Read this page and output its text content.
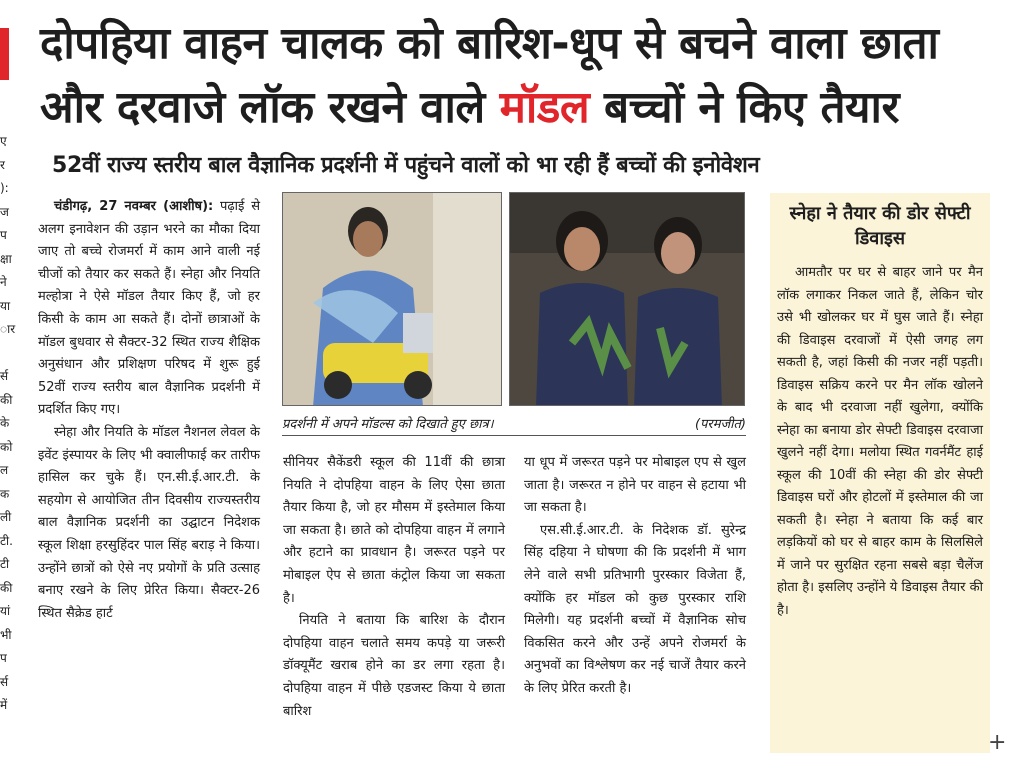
ए
र
):
ज
प
क्षा
ने
या
ार

र्स
की
के
को
ल
क
ली
टी.
टी
की
यां
भी
प
र्स
में
दोपहिया वाहन चालक को बारिश-धूप से बचने वाला छाता
और दरवाजे लॉक रखने वाले मॉडल बच्चों ने किए तैयार
52वीं राज्य स्तरीय बाल वैज्ञानिक प्रदर्शनी में पहुंचने वालों को भा रही हैं बच्चों की इनोवेशन

चंडीगढ़, 27 नवम्बर (आशीष): पढ़ाई से अलग इनावेशन की उड़ान भरने का मौका दिया जाए तो बच्चे रोजमर्रा में काम आने वाली नई चीजों को तैयार कर सकते हैं। स्नेहा और नियति मल्होत्रा ने ऐसे मॉडल तैयार किए हैं, जो हर किसी के काम आ सकते हैं। दोनों छात्राओं के मॉडल बुधवार से सैक्टर-32 स्थित राज्य शैक्षिक अनुसंधान और प्रशिक्षण परिषद में शुरू हुई 52वीं राज्य स्तरीय बाल वैज्ञानिक प्रदर्शनी में प्रदर्शित किए गए।

स्नेहा और नियति के मॉडल नैशनल लेवल के इवेंट इंस्पायर के लिए भी क्वालीफाई कर तारीफ हासिल कर चुके हैं। एन.सी.ई.आर.टी. के सहयोग से आयोजित तीन दिवसीय राज्यस्तरीय बाल वैज्ञानिक प्रदर्शनी का उद्घाटन निदेशक स्कूल शिक्षा हरसुहिंदर पाल सिंह बराड़ ने किया। उन्होंने छात्रों को ऐसे नए प्रयोगों के प्रति उत्साह बनाए रखने के लिए प्रेरित किया। सैक्टर-26 स्थित सैक्रेड हार्ट

प्रदर्शनी में अपने मॉडल्स को दिखाते हुए छात्र।	(परमजीत)

सीनियर सैकेंडरी स्कूल की 11वीं की छात्रा नियति ने दोपहिया वाहन के लिए ऐसा छाता तैयार किया है, जो हर मौसम में इस्तेमाल किया जा सकता है। छाते को दोपहिया वाहन में लगाने और हटाने का प्रावधान है। जरूरत पड़ने पर मोबाइल ऐप से छाता कंट्रोल किया जा सकता है।

नियति ने बताया कि बारिश के दौरान दोपहिया वाहन चलाते समय कपड़े या जरूरी डॉक्यूमैंट खराब होने का डर लगा रहता है। दोपहिया वाहन में पीछे एडजस्ट किया ये छाता बारिश

या धूप में जरूरत पड़ने पर मोबाइल एप से खुल जाता है। जरूरत न होने पर वाहन से हटाया भी जा सकता है।

एस.सी.ई.आर.टी. के निदेशक डॉ. सुरेन्द्र सिंह दहिया ने घोषणा की कि प्रदर्शनी में भाग लेने वाले सभी प्रतिभागी पुरस्कार विजेता हैं, क्योंकि हर मॉडल को कुछ पुरस्कार राशि मिलेगी। यह प्रदर्शनी बच्चों में वैज्ञानिक सोच विकसित करने और उन्हें अपने रोजमर्रा के अनुभवों का विश्लेषण कर नई चाजें तैयार करने के लिए प्रेरित करती है।

स्नेहा ने तैयार की डोर सेफ्टी डिवाइस
आमतौर पर घर से बाहर जाने पर मैन लॉक लगाकर निकल जाते हैं, लेकिन चोर उसे भी खोलकर घर में घुस जाते हैं। स्नेहा की डिवाइस दरवाजों में ऐसी जगह लग सकती है, जहां किसी की नजर नहीं पड़ती। डिवाइस सक्रिय करने पर मैन लॉक खोलने के बाद भी दरवाजा नहीं खुलेगा, क्योंकि स्नेहा का बनाया डोर सेफ्टी डिवाइस दरवाजा खुलने नहीं देगा। मलोया स्थित गवर्नमैंट हाई स्कूल की 10वीं की स्नेहा की डोर सेफ्टी डिवाइस घरों और होटलों में इस्तेमाल की जा सकती है। स्नेहा ने बताया कि कई बार लड़कियों को घर से बाहर काम के सिलसिले में जाने पर सुरक्षित रहना सबसे बड़ा चैलेंज होता है। इसलिए उन्होंने ये डिवाइस तैयार की है।
+
